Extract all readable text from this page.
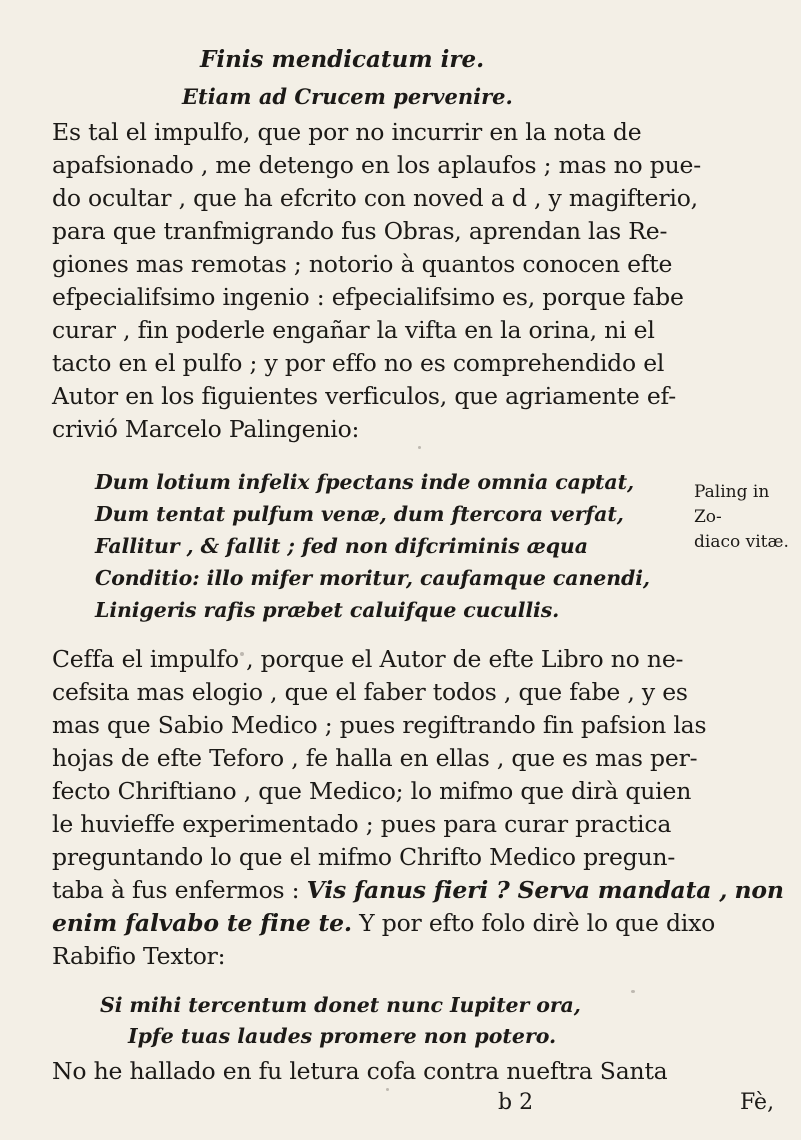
Finis mendicatum ire.
Etiam ad Crucem pervenire.
Es tal el impulfo, que por no incurrir en la nota de
apafsionado , me detengo en los aplaufos ; mas no pue-
do ocultar , que ha efcrito con noved a d , y magifterio,
para que tranfmigrando fus Obras, aprendan las Re-
giones mas remotas ; notorio à quantos conocen efte
efpecialifsimo ingenio : efpecialifsimo es, porque fabe
curar , fin poderle engañar la vifta en la orina, ni el
tacto en el pulfo ; y por effo no es comprehendido el
Autor en los figuientes verficulos, que agriamente ef-
crivió Marcelo Palingenio:
Dum lotium infelix fpectans inde omnia captat,
Dum tentat pulfum venæ, dum ftercora verfat,
Fallitur , & fallit ; fed non difcriminis æqua
Conditio: illo mifer moritur, caufamque canendi,
Linigeris rafis præbet caluifque cucullis.
Paling in Zo-
diaco vitæ.
Ceffa el impulfo , porque el Autor de efte Libro no ne-
cefsita mas elogio , que el faber todos , que fabe , y es
mas que Sabio Medico ; pues regiftrando fin pafsion las
hojas de efte Teforo , fe halla en ellas , que es mas per-
fecto Chriftiano , que Medico; lo mifmo que dirà quien
le huvieffe experimentado ; pues para curar practica
preguntando lo que el mifmo Chrifto Medico pregun-
taba à fus enfermos : Vis fanus fieri ? Serva mandata , non
enim falvabo te fine te. Y por efto folo dirè lo que dixo
Rabifio Textor:
Si mihi tercentum donet nunc Iupiter ora,
Ipfe tuas laudes promere non potero.
No he hallado en fu letura cofa contra nueftra Santa
b 2	Fè,
